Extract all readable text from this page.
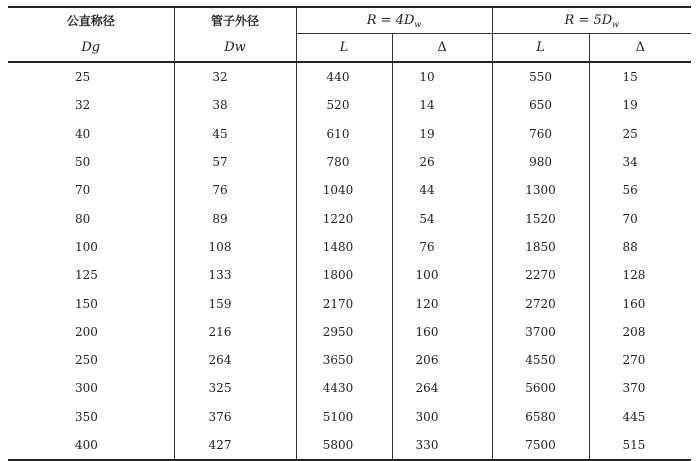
公直称径	管子外径	$R = 4D_w$		$R = 5D_w$
Dg	Dw	L	Δ	L	Δ
25	32	440	10	550	15
32	38	520	14	650	19
40	45	610	19	760	25
50	57	780	26	980	34
70	76	1040	44	1300	56
80	89	1220	54	1520	70
100	108	1480	76	1850	88
125	133	1800	100	2270	128
150	159	2170	120	2720	160
200	216	2950	160	3700	208
250	264	3650	206	4550	270
300	325	4430	264	5600	370
350	376	5100	300	6580	445
400	427	5800	330	7500	515
